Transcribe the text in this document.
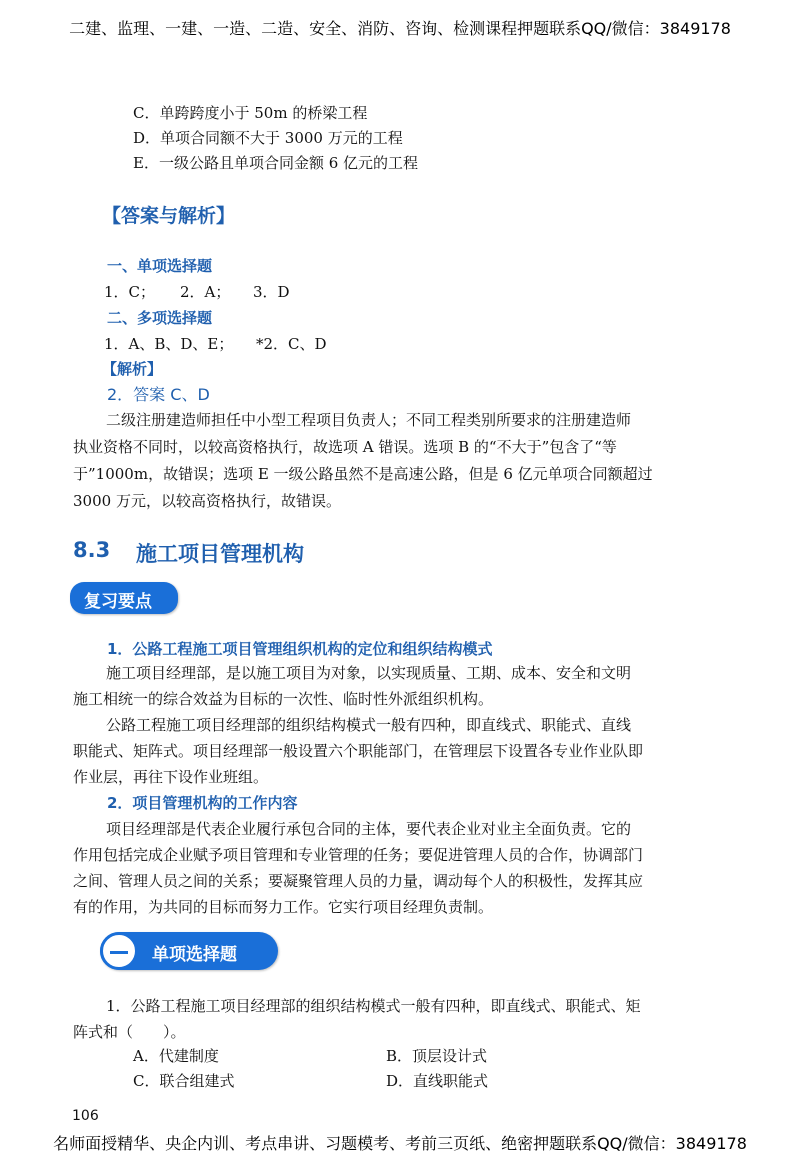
二建、监理、一建、一造、二造、安全、消防、咨询、检测课程押题联系QQ/微信：3849178
C．单跨跨度小于 50m 的桥梁工程
D．单项合同额不大于 3000 万元的工程
E．一级公路且单项合同金额 6 亿元的工程
【答案与解析】
一、单项选择题
1．C； 2．A； 3．D
二、多项选择题
1．A、B、D、E； *2．C、D
【解析】
2．答案 C、D
二级注册建造师担任中小型工程项目负责人；不同工程类别所要求的注册建造师
执业资格不同时，以较高资格执行，故选项 A 错误。选项 B 的“不大于”包含了“等
于”1000m，故错误；选项 E 一级公路虽然不是高速公路，但是 6 亿元单项合同额超过
3000 万元，以较高资格执行，故错误。
8.3 施工项目管理机构
复习要点
1．公路工程施工项目管理组织机构的定位和组织结构模式
施工项目经理部，是以施工项目为对象，以实现质量、工期、成本、安全和文明
施工相统一的综合效益为目标的一次性、临时性外派组织机构。
公路工程施工项目经理部的组织结构模式一般有四种，即直线式、职能式、直线
职能式、矩阵式。项目经理部一般设置六个职能部门，在管理层下设置各专业作业队即
作业层，再往下设作业班组。
2．项目管理机构的工作内容
项目经理部是代表企业履行承包合同的主体，要代表企业对业主全面负责。它的
作用包括完成企业赋予项目管理和专业管理的任务；要促进管理人员的合作，协调部门
之间、管理人员之间的关系；要凝聚管理人员的力量，调动每个人的积极性，发挥其应
有的作用，为共同的目标而努力工作。它实行项目经理负责制。
单项选择题
1．公路工程施工项目经理部的组织结构模式一般有四种，即直线式、职能式、矩
阵式和（　　）。
A．代建制度	B．顶层设计式
C．联合组建式	D．直线职能式
106
名师面授精华、央企内训、考点串讲、习题模考、考前三页纸、绝密押题联系QQ/微信：3849178
